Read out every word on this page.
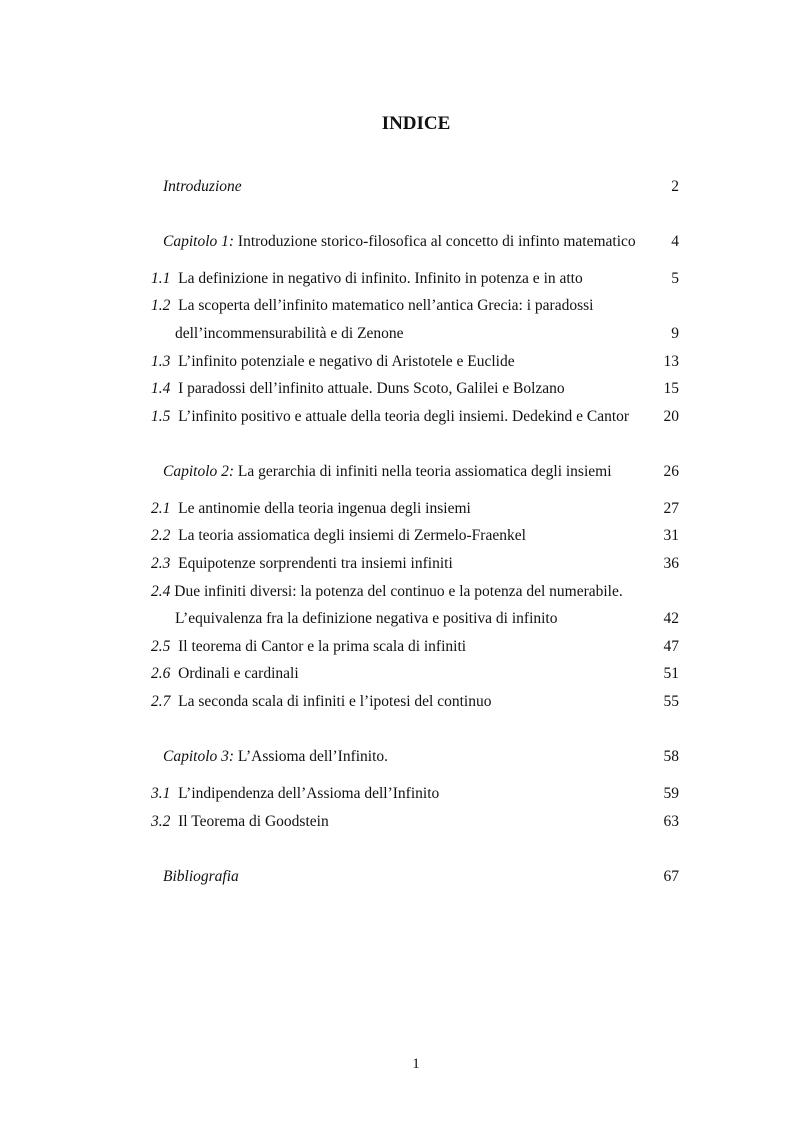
INDICE
Introduzione	2
Capitolo 1: Introduzione storico-filosofica al concetto di infinto matematico 4
1.1 La definizione in negativo di infinito. Infinito in potenza e in atto	5
1.2 La scoperta dell’infinito matematico nell’antica Grecia: i paradossi
dell’incommensurabilità e di Zenone	9
1.3 L’infinito potenziale e negativo di Aristotele e Euclide	13
1.4 I paradossi dell’infinito attuale. Duns Scoto, Galilei e Bolzano	15
1.5 L’infinito positivo e attuale della teoria degli insiemi. Dedekind e Cantor 20
Capitolo 2: La gerarchia di infiniti nella teoria assiomatica degli insiemi	26
2.1 Le antinomie della teoria ingenua degli insiemi	27
2.2 La teoria assiomatica degli insiemi di Zermelo-Fraenkel	31
2.3 Equipotenze sorprendenti tra insiemi infiniti	36
2.4 Due infiniti diversi: la potenza del continuo e la potenza del numerabile.
L’equivalenza fra la definizione negativa e positiva di infinito	42
2.5 Il teorema di Cantor e la prima scala di infiniti	47
2.6 Ordinali e cardinali	51
2.7 La seconda scala di infiniti e l’ipotesi del continuo	55
Capitolo 3: L’Assioma dell’Infinito.	58
3.1 L’indipendenza dell’Assioma dell’Infinito	59
3.2 Il Teorema di Goodstein	63
Bibliografia	67
1
